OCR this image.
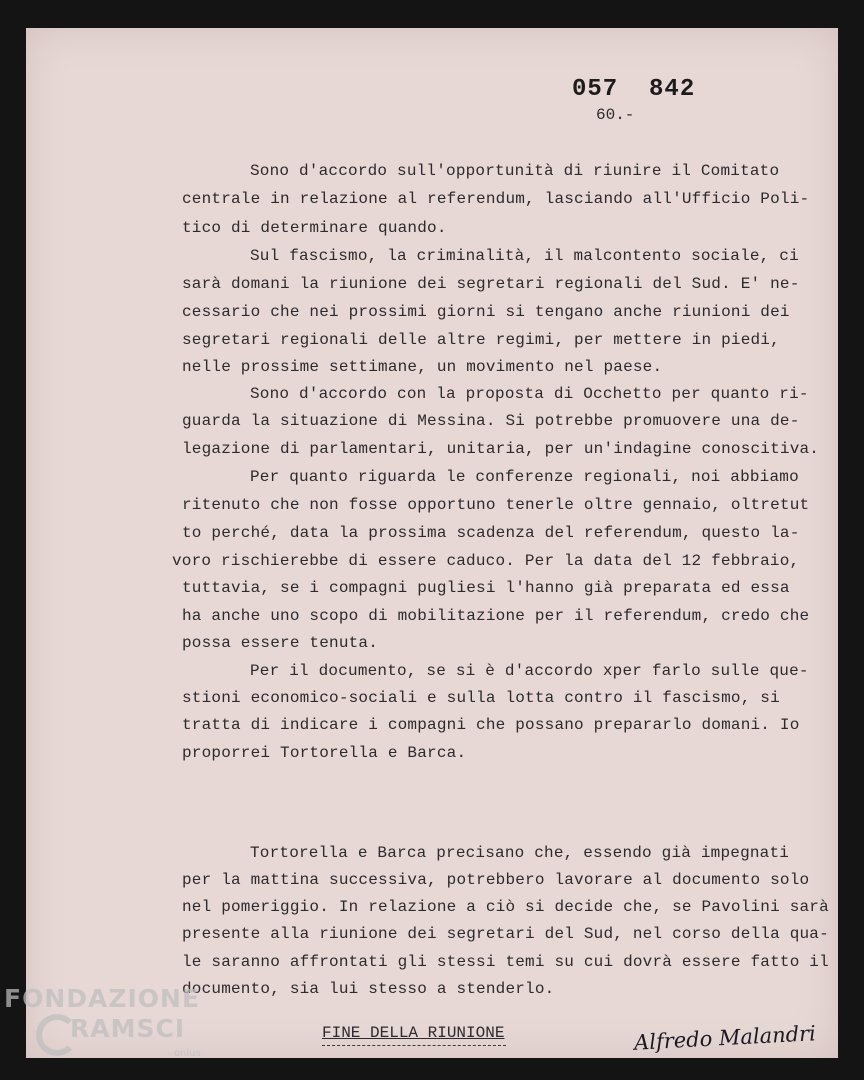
057  842
60.-
Sono d'accordo sull'opportunità di riunire il Comitato
centrale in relazione al referendum, lasciando all'Ufficio Poli-
tico di determinare quando.
Sul fascismo, la criminalità, il malcontento sociale, ci
sarà domani la riunione dei segretari regionali del Sud. E' ne-
cessario che nei prossimi giorni si tengano anche riunioni dei
segretari regionali delle altre regimi, per mettere in piedi,
nelle prossime settimane, un movimento nel paese.
Sono d'accordo con la proposta di Occhetto per quanto ri-
guarda la situazione di Messina. Si potrebbe promuovere una de-
legazione di parlamentari, unitaria, per un'indagine conoscitiva.
Per quanto riguarda le conferenze regionali, noi abbiamo
ritenuto che non fosse opportuno tenerle oltre gennaio, oltretut
to perché, data la prossima scadenza del referendum, questo la-
voro rischierebbe di essere caduco. Per la data del 12 febbraio,
tuttavia, se i compagni pugliesi l'hanno già preparata ed essa
ha anche uno scopo di mobilitazione per il referendum, credo che
possa essere tenuta.
Per il documento, se si è d'accordo xper farlo sulle que-
stioni economico-sociali e sulla lotta contro il fascismo, si
tratta di indicare i compagni che possano prepararlo domani. Io
proporrei Tortorella e Barca.
Tortorella e Barca precisano che, essendo già impegnati
per la mattina successiva, potrebbero lavorare al documento solo
nel pomeriggio. In relazione a ciò si decide che, se Pavolini sarà
presente alla riunione dei segretari del Sud, nel corso della qua-
le saranno affrontati gli stessi temi su cui dovrà essere fatto il
documento, sia lui stesso a stenderlo.
FINE DELLA RIUNIONE	Alfredo Malandri
FONDAZIONE
RAMSCI
onlus
